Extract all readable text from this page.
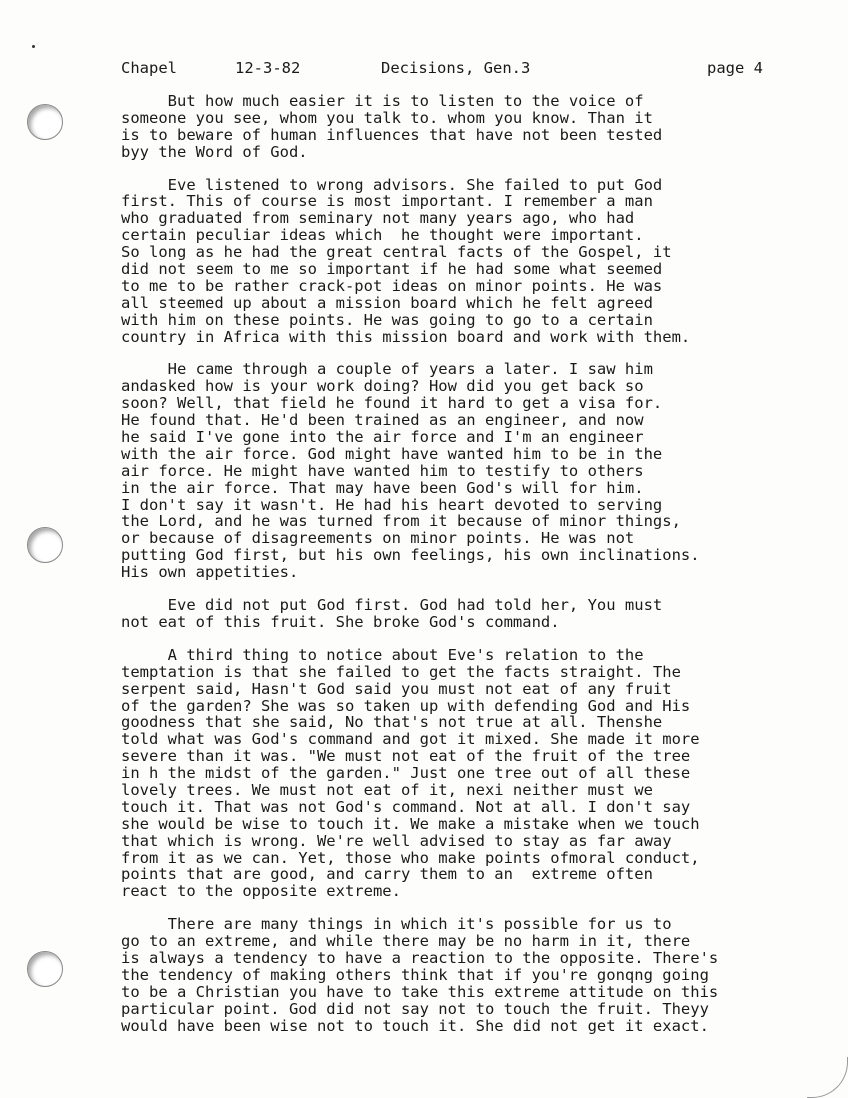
Chapel	12-3-82	Decisions, Gen.3	page 4
But how much easier it is to listen to the voice of
someone you see, whom you talk to. whom you know. Than it
is to beware of human influences that have not been tested
byy the Word of God.
Eve listened to wrong advisors. She failed to put God
first. This of course is most important. I remember a man
who graduated from seminary not many years ago, who had
certain peculiar ideas which  he thought were important.
So long as he had the great central facts of the Gospel, it
did not seem to me so important if he had some what seemed
to me to be rather crack-pot ideas on minor points. He was
all steemed up about a mission board which he felt agreed
with him on these points. He was going to go to a certain
country in Africa with this mission board and work with them.
He came through a couple of years a later. I saw him
andasked how is your work doing? How did you get back so
soon? Well, that field he found it hard to get a visa for.
He found that. He'd been trained as an engineer, and now
he said I've gone into the air force and I'm an engineer
with the air force. God might have wanted him to be in the
air force. He might have wanted him to testify to others
in the air force. That may have been God's will for him.
I don't say it wasn't. He had his heart devoted to serving
the Lord, and he was turned from it because of minor things,
or because of disagreements on minor points. He was not
putting God first, but his own feelings, his own inclinations.
His own appetities.
Eve did not put God first. God had told her, You must
not eat of this fruit. She broke God's command.
A third thing to notice about Eve's relation to the
temptation is that she failed to get the facts straight. The
serpent said, Hasn't God said you must not eat of any fruit
of the garden? She was so taken up with defending God and His
goodness that she said, No that's not true at all. Thenshe
told what was God's command and got it mixed. She made it more
severe than it was. "We must not eat of the fruit of the tree
in h the midst of the garden." Just one tree out of all these
lovely trees. We must not eat of it, nexi neither must we
touch it. That was not God's command. Not at all. I don't say
she would be wise to touch it. We make a mistake when we touch
that which is wrong. We're well advised to stay as far away
from it as we can. Yet, those who make points ofmoral conduct,
points that are good, and carry them to an  extreme often
react to the opposite extreme.
There are many things in which it's possible for us to
go to an extreme, and while there may be no harm in it, there
is always a tendency to have a reaction to the opposite. There's
the tendency of making others think that if you're gonqng going
to be a Christian you have to take this extreme attitude on this
particular point. God did not say not to touch the fruit. Theyy
would have been wise not to touch it. She did not get it exact.
